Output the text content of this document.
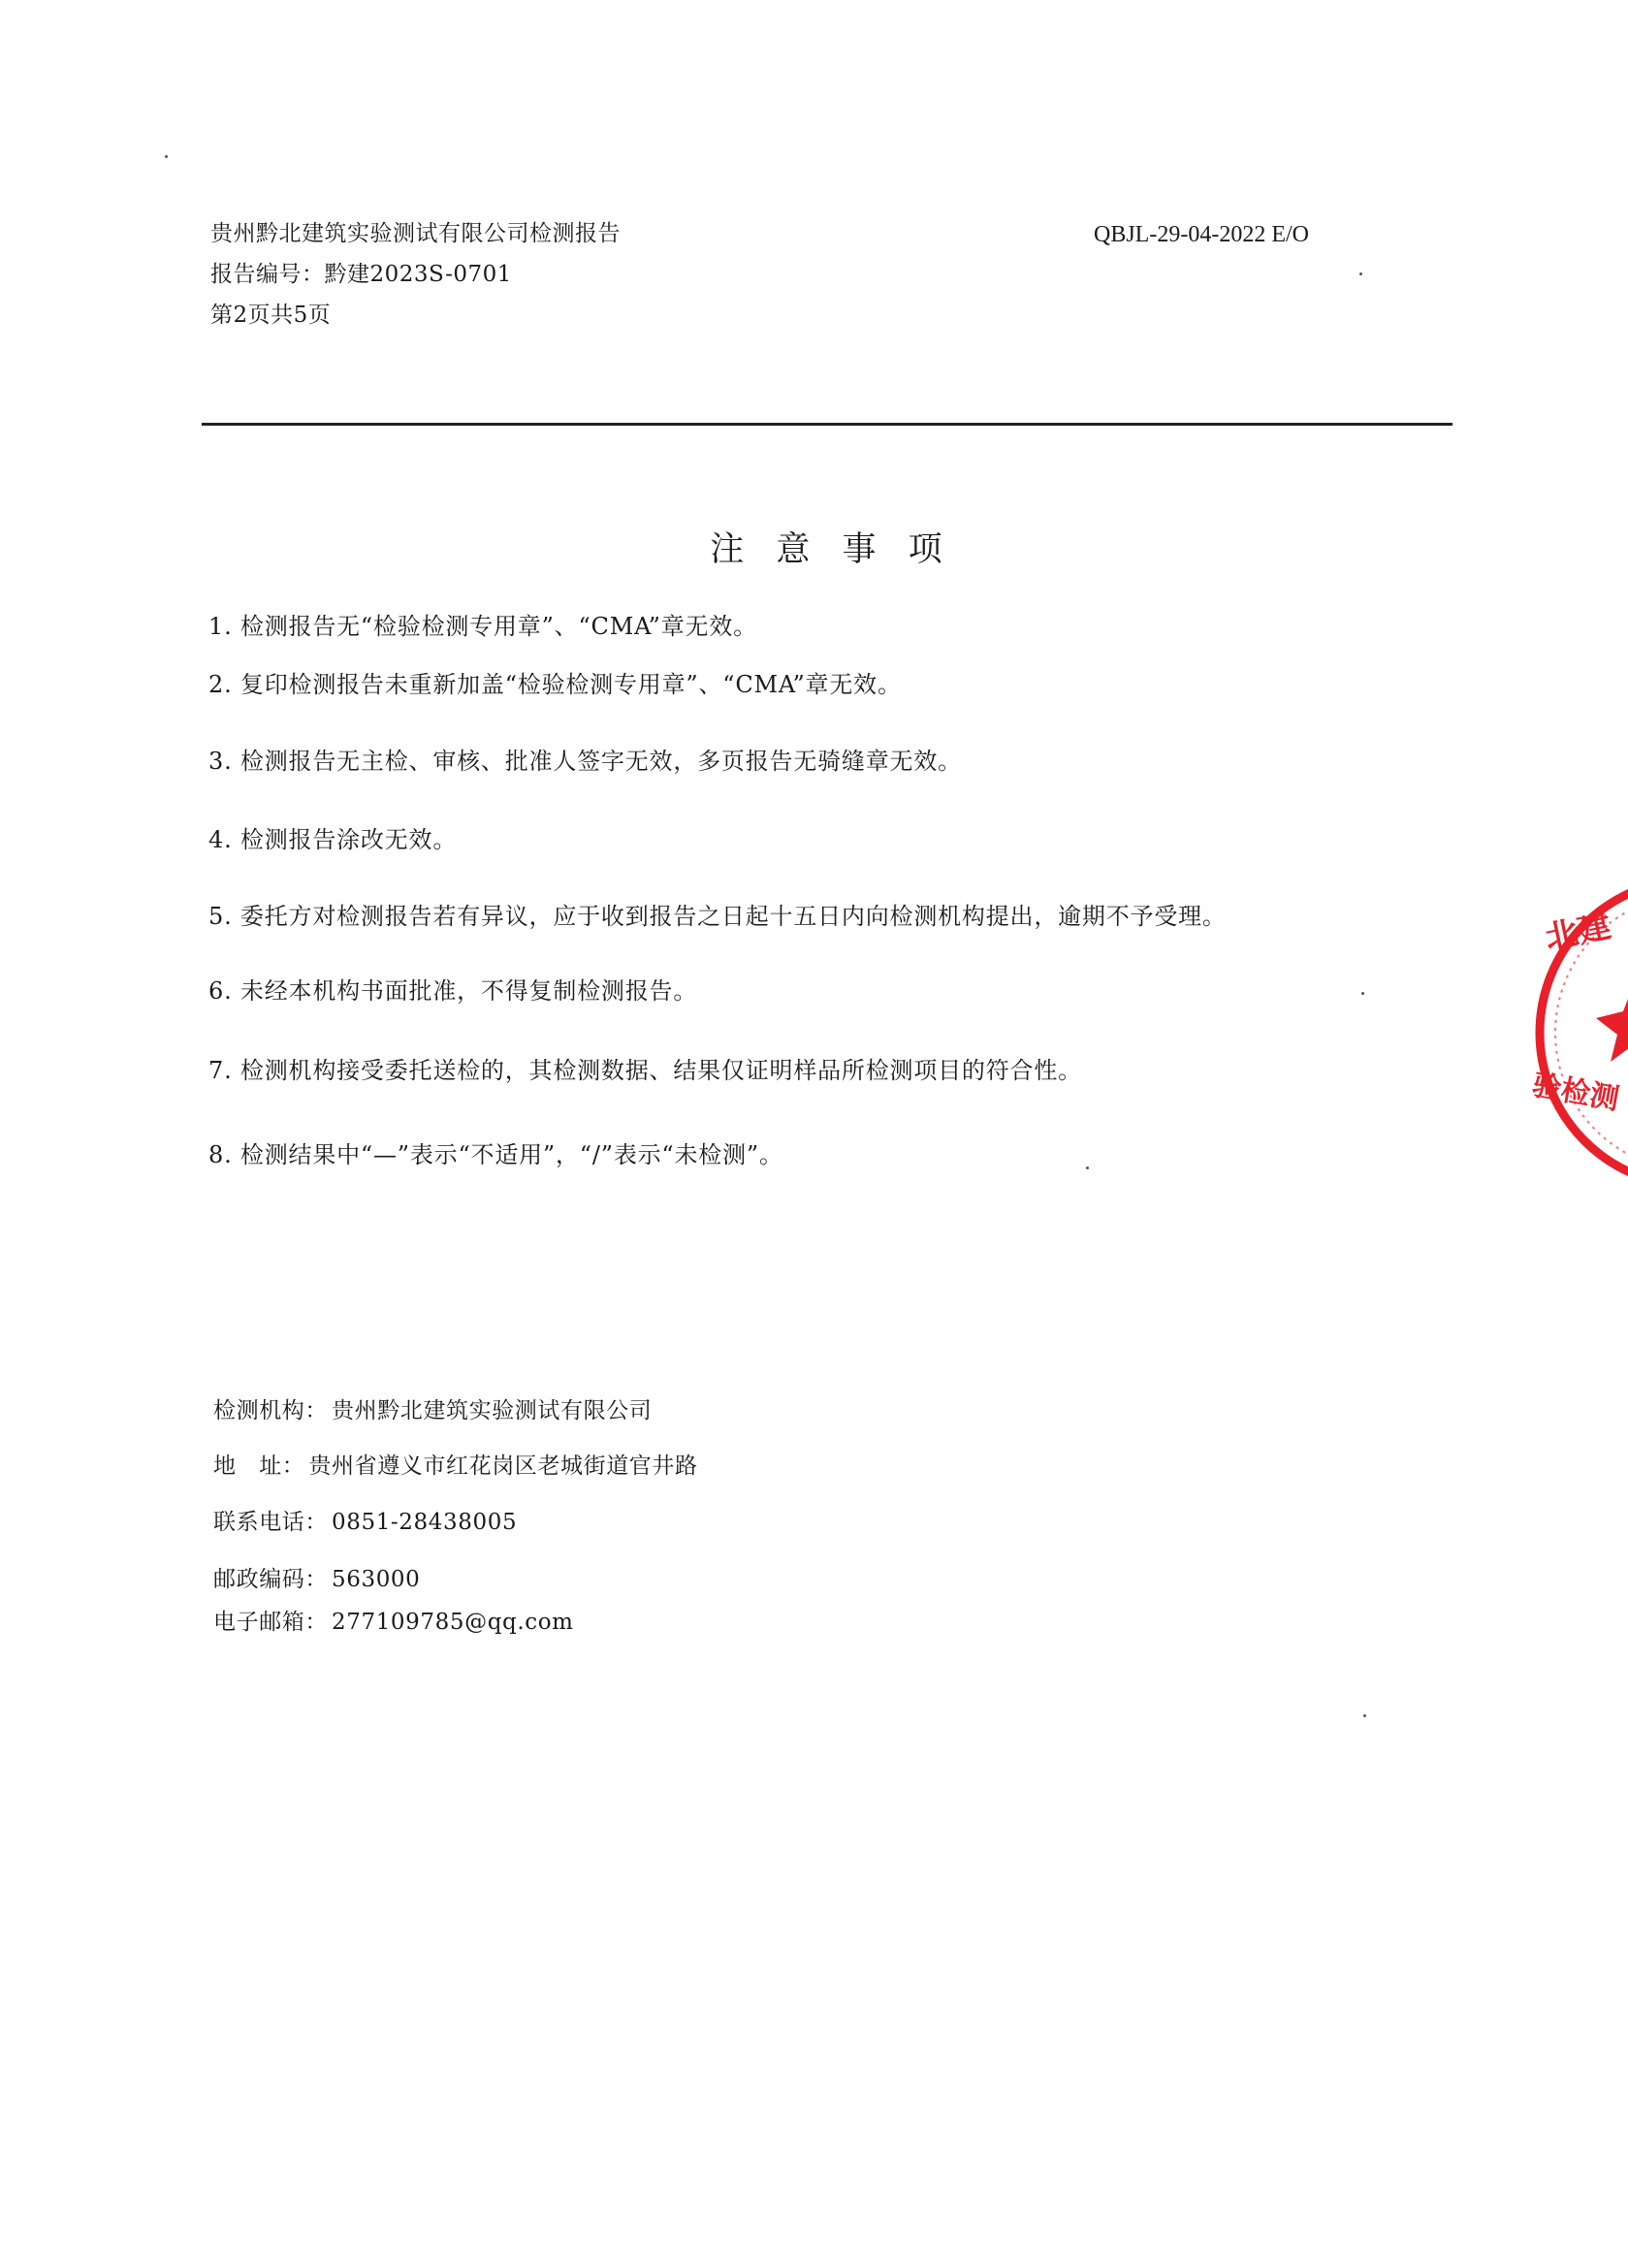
贵州黔北建筑实验测试有限公司检测报告
报告编号：黔建2023S-0701
第2页共5页
QBJL-29-04-2022 E/O
注 意 事 项
1. 检测报告无“检验检测专用章”、“CMA”章无效。
2. 复印检测报告未重新加盖“检验检测专用章”、“CMA”章无效。
3. 检测报告无主检、审核、批准人签字无效，多页报告无骑缝章无效。
4. 检测报告涂改无效。
5. 委托方对检测报告若有异议，应于收到报告之日起十五日内向检测机构提出，逾期不予受理。
6. 未经本机构书面批准，不得复制检测报告。
7. 检测机构接受委托送检的，其检测数据、结果仅证明样品所检测项目的符合性。
8. 检测结果中“—”表示“不适用”，“/”表示“未检测”。
检测机构： 贵州黔北建筑实验测试有限公司
地　址： 贵州省遵义市红花岗区老城街道官井路
联系电话： 0851-28438005
邮政编码： 563000
电子邮箱： 277109785@qq.com
北建
验检测
